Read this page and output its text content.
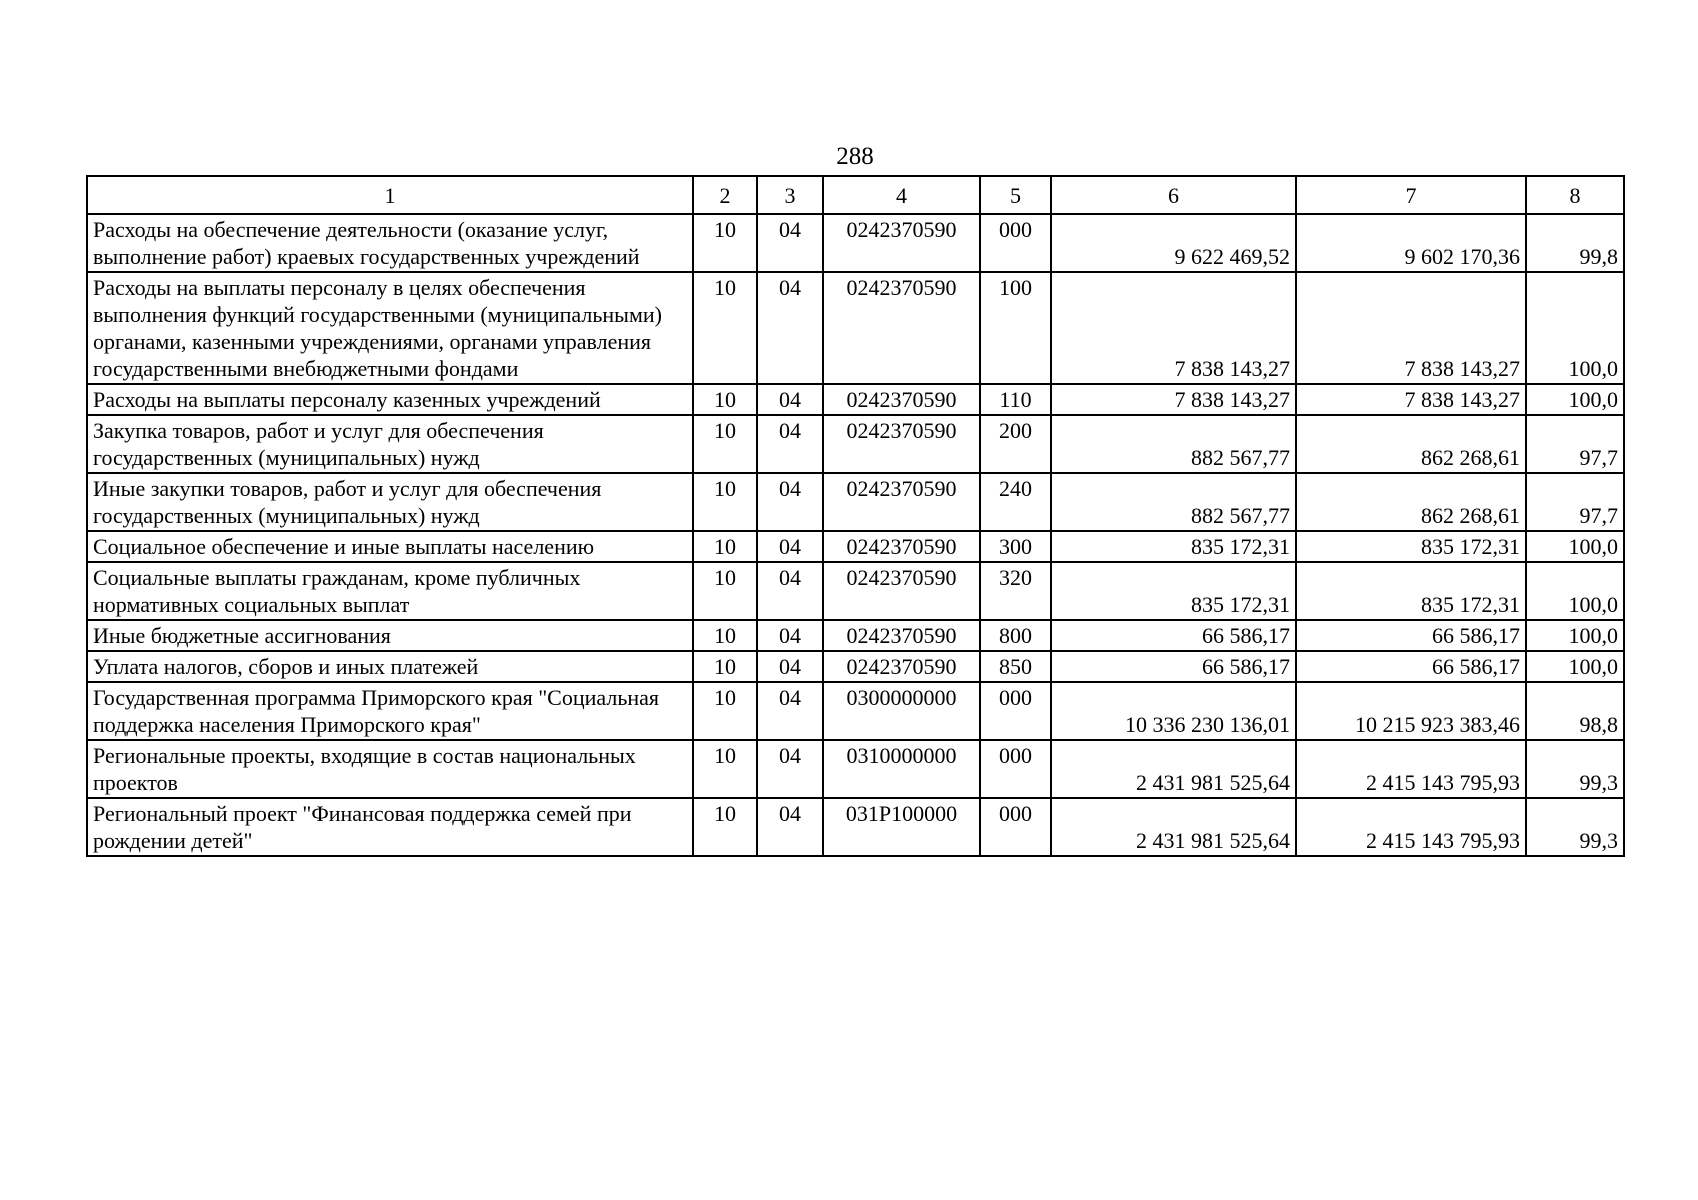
288
1	2	3	4	5	6	7	8
Расходы на обеспечение деятельности (оказание услуг, выполнение работ) краевых государственных учреждений	10	04	0242370590	000	9 622 469,52	9 602 170,36	99,8
Расходы на выплаты персоналу в целях обеспечения выполнения функций государственными (муниципальными) органами, казенными учреждениями, органами управления государственными внебюджетными фондами	10	04	0242370590	100	7 838 143,27	7 838 143,27	100,0
Расходы на выплаты персоналу казенных учреждений	10	04	0242370590	110	7 838 143,27	7 838 143,27	100,0
Закупка товаров, работ и услуг для обеспечения государственных (муниципальных) нужд	10	04	0242370590	200	882 567,77	862 268,61	97,7
Иные закупки товаров, работ и услуг для обеспечения государственных (муниципальных) нужд	10	04	0242370590	240	882 567,77	862 268,61	97,7
Социальное обеспечение и иные выплаты населению	10	04	0242370590	300	835 172,31	835 172,31	100,0
Социальные выплаты гражданам, кроме публичных нормативных социальных выплат	10	04	0242370590	320	835 172,31	835 172,31	100,0
Иные бюджетные ассигнования	10	04	0242370590	800	66 586,17	66 586,17	100,0
Уплата налогов, сборов и иных платежей	10	04	0242370590	850	66 586,17	66 586,17	100,0
Государственная программа Приморского края "Социальная поддержка населения Приморского края"	10	04	0300000000	000	10 336 230 136,01	10 215 923 383,46	98,8
Региональные проекты, входящие в состав национальных проектов	10	04	0310000000	000	2 431 981 525,64	2 415 143 795,93	99,3
Региональный проект "Финансовая поддержка семей при рождении детей"	10	04	031P100000	000	2 431 981 525,64	2 415 143 795,93	99,3
